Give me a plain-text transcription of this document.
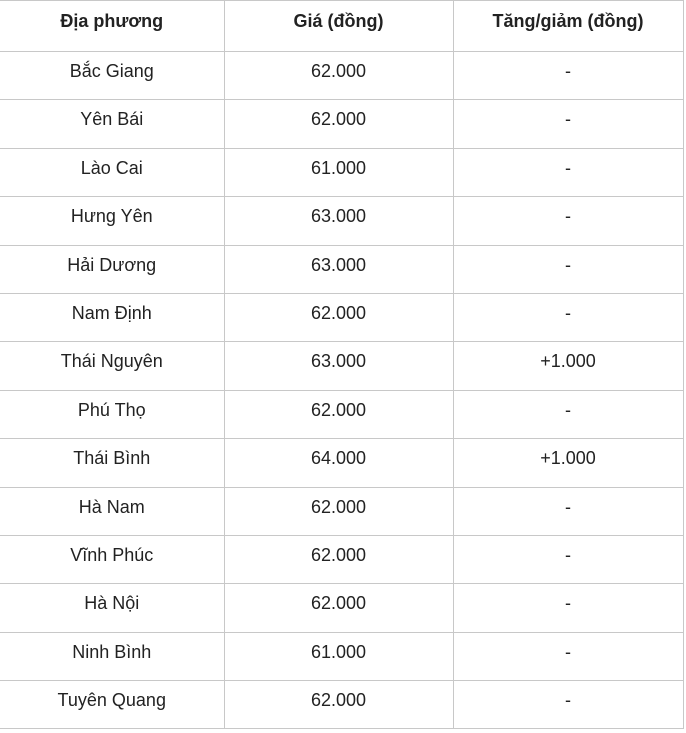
Địa phương	Giá (đồng)	Tăng/giảm (đồng)
Bắc Giang	62.000	-
Yên Bái	62.000	-
Lào Cai	61.000	-
Hưng Yên	63.000	-
Hải Dương	63.000	-
Nam Định	62.000	-
Thái Nguyên	63.000	+1.000
Phú Thọ	62.000	-
Thái Bình	64.000	+1.000
Hà Nam	62.000	-
Vĩnh Phúc	62.000	-
Hà Nội	62.000	-
Ninh Bình	61.000	-
Tuyên Quang	62.000	-
